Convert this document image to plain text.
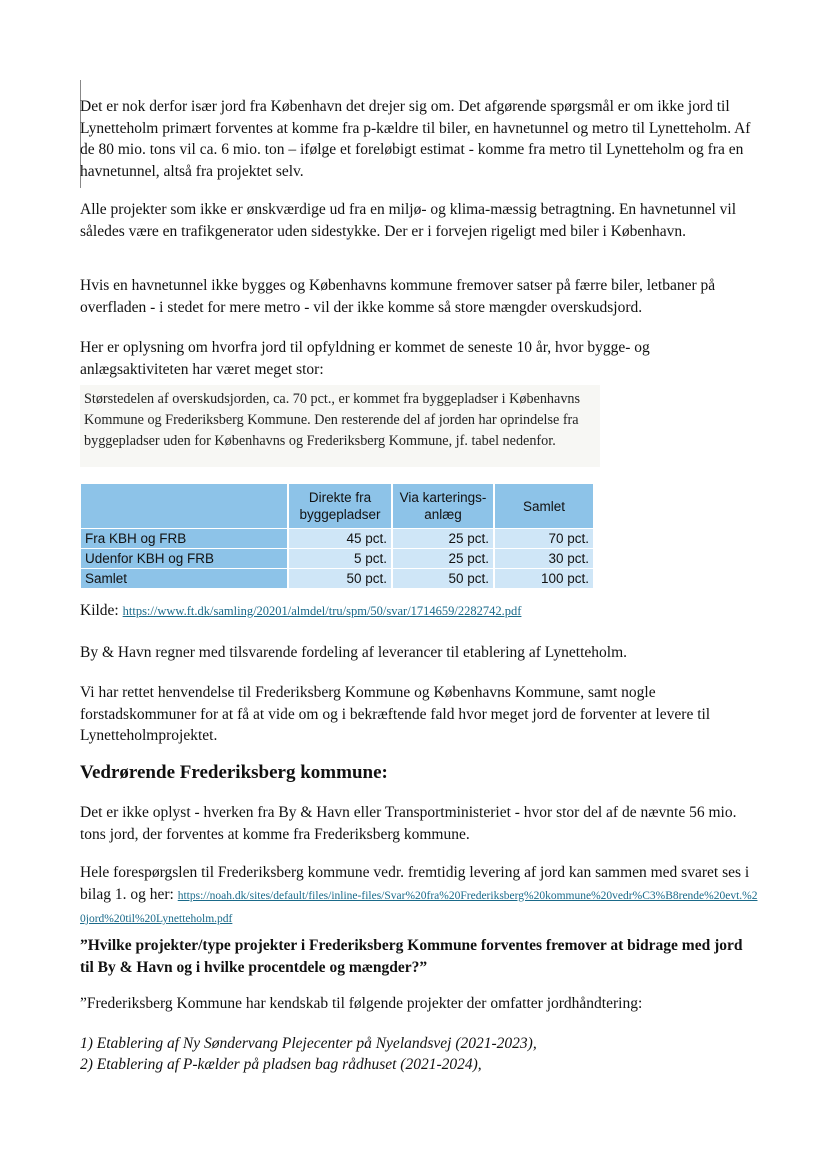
Det er nok derfor især jord fra København det drejer sig om. Det afgørende spørgsmål er om ikke jord til Lynetteholm primært forventes at komme fra p-kældre til biler, en havnetunnel og metro til Lynetteholm. Af de 80 mio. tons vil ca. 6 mio. ton – ifølge et foreløbigt estimat - komme fra metro til Lynetteholm og fra en havnetunnel, altså fra projektet selv.

Alle projekter som ikke er ønskværdige ud fra en miljø- og klima-mæssig betragtning. En havnetunnel vil således være en trafikgenerator uden sidestykke. Der er i forvejen rigeligt med biler i København.

Hvis en havnetunnel ikke bygges og Københavns kommune fremover satser på færre biler, letbaner på overfladen - i stedet for mere metro - vil der ikke komme så store mængder overskudsjord.

Her er oplysning om hvorfra jord til opfyldning er kommet de seneste 10 år, hvor bygge- og anlægsaktiviteten har været meget stor:

Størstedelen af overskudsjorden, ca. 70 pct., er kommet fra byggepladser i Københavns Kommune og Frederiksberg Kommune. Den resterende del af jorden har oprindelse fra byggepladser uden for Københavns og Frederiksberg Kommune, jf. tabel nedenfor.
	Direkte fra byggepladser	Via karterings-anlæg	Samlet
Fra KBH og FRB	45 pct.	25 pct.	70 pct.
Udenfor KBH og FRB	5 pct.	25 pct.	30 pct.
Samlet	50 pct.	50 pct.	100 pct.
Kilde: https://www.ft.dk/samling/20201/almdel/tru/spm/50/svar/1714659/2282742.pdf

By & Havn regner med tilsvarende fordeling af leverancer til etablering af Lynetteholm.

Vi har rettet henvendelse til Frederiksberg Kommune og Københavns Kommune, samt nogle forstadskommuner for at få at vide om og i bekræftende fald hvor meget jord de forventer at levere til Lynetteholmprojektet.

Vedrørende Frederiksberg kommune:

Det er ikke oplyst - hverken fra By & Havn eller Transportministeriet - hvor stor del af de nævnte 56 mio. tons jord, der forventes at komme fra Frederiksberg kommune.

Hele forespørgslen til Frederiksberg kommune vedr. fremtidig levering af jord kan sammen med svaret ses i bilag 1. og her: https://noah.dk/sites/default/files/inline-files/Svar%20fra%20Frederiksberg%20kommune%20vedr%C3%B8rende%20evt.%20jord%20til%20Lynetteholm.pdf

”Hvilke projekter/type projekter i Frederiksberg Kommune forventes fremover at bidrage med jord til By & Havn og i hvilke procentdele og mængder?”

”Frederiksberg Kommune har kendskab til følgende projekter der omfatter jordhåndtering:

1) Etablering af Ny Søndervang Plejecenter på Nyelandsvej (2021-2023),

2) Etablering af P-kælder på pladsen bag rådhuset (2021-2024),
